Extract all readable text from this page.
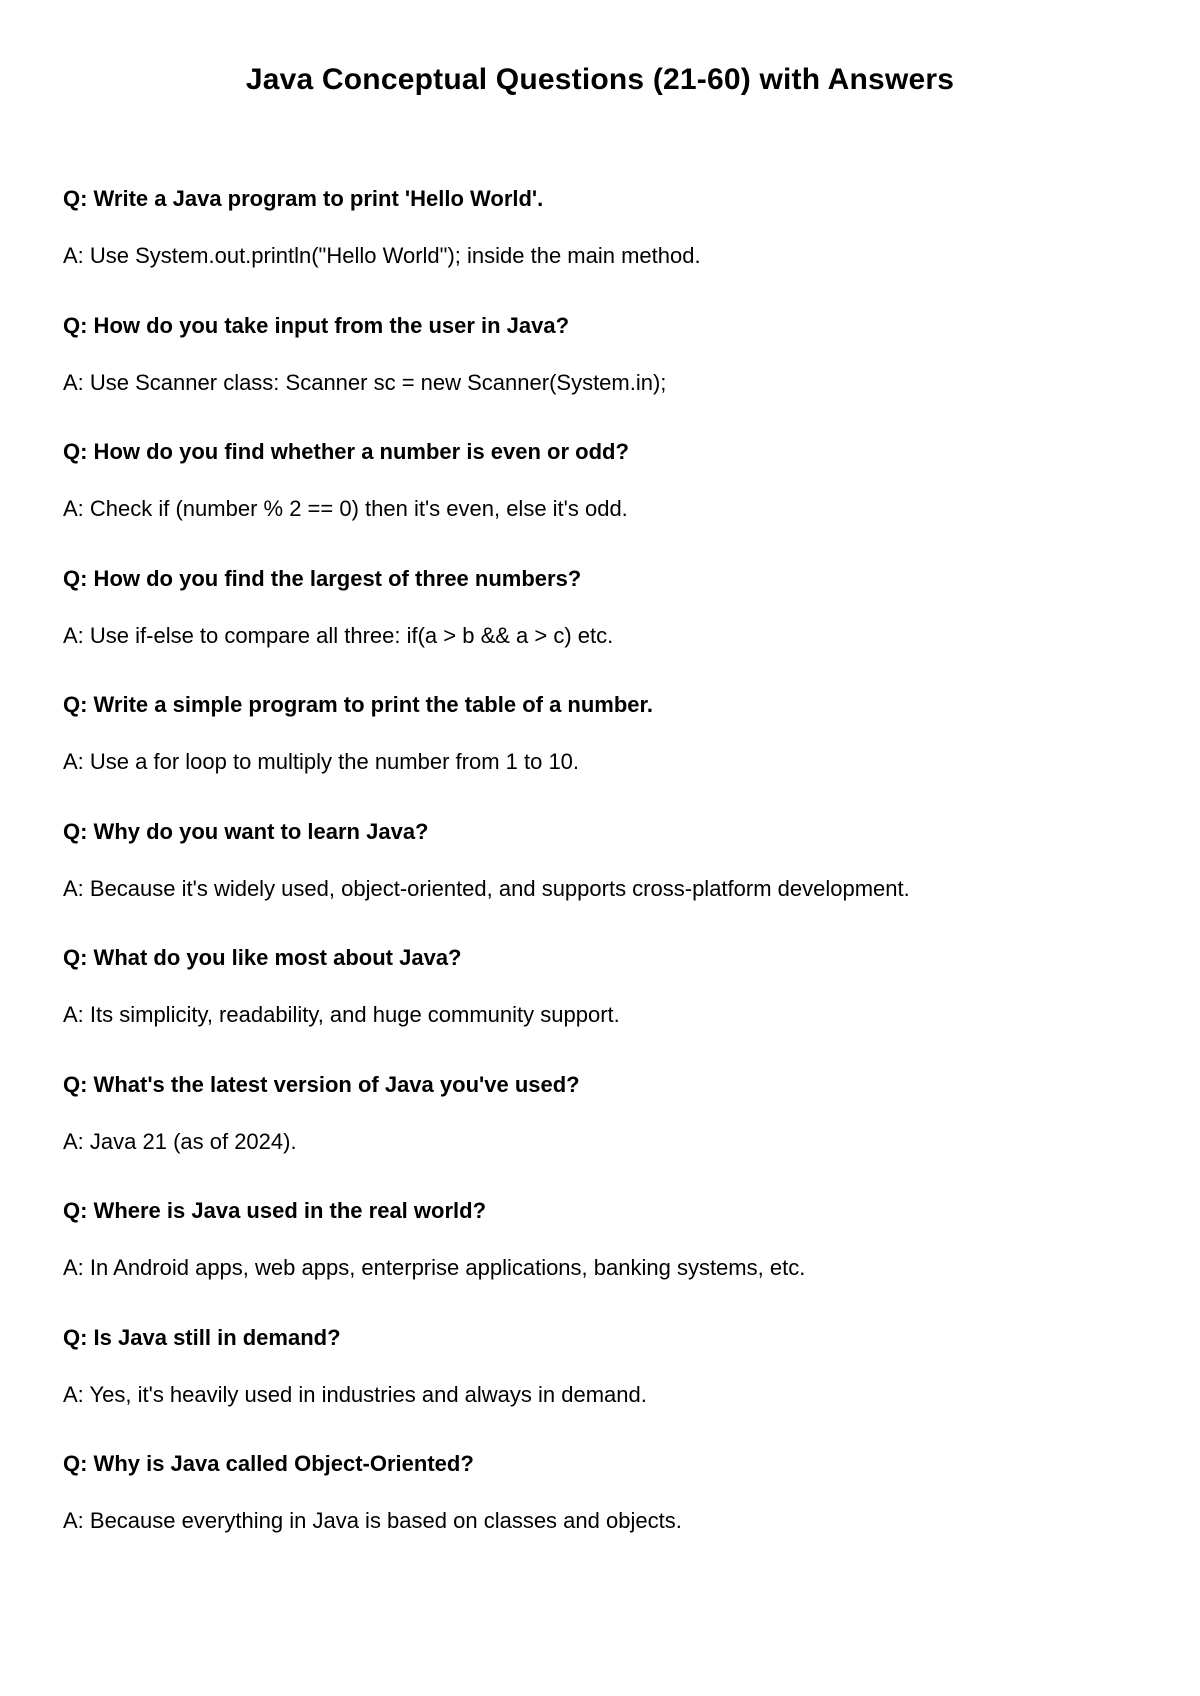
Java Conceptual Questions (21-60) with Answers
Q: Write a Java program to print 'Hello World'.
A: Use System.out.println("Hello World"); inside the main method.
Q: How do you take input from the user in Java?
A: Use Scanner class: Scanner sc = new Scanner(System.in);
Q: How do you find whether a number is even or odd?
A: Check if (number % 2 == 0) then it's even, else it's odd.
Q: How do you find the largest of three numbers?
A: Use if-else to compare all three: if(a > b && a > c) etc.
Q: Write a simple program to print the table of a number.
A: Use a for loop to multiply the number from 1 to 10.
Q: Why do you want to learn Java?
A: Because it's widely used, object-oriented, and supports cross-platform development.
Q: What do you like most about Java?
A: Its simplicity, readability, and huge community support.
Q: What's the latest version of Java you've used?
A: Java 21 (as of 2024).
Q: Where is Java used in the real world?
A: In Android apps, web apps, enterprise applications, banking systems, etc.
Q: Is Java still in demand?
A: Yes, it's heavily used in industries and always in demand.
Q: Why is Java called Object-Oriented?
A: Because everything in Java is based on classes and objects.
